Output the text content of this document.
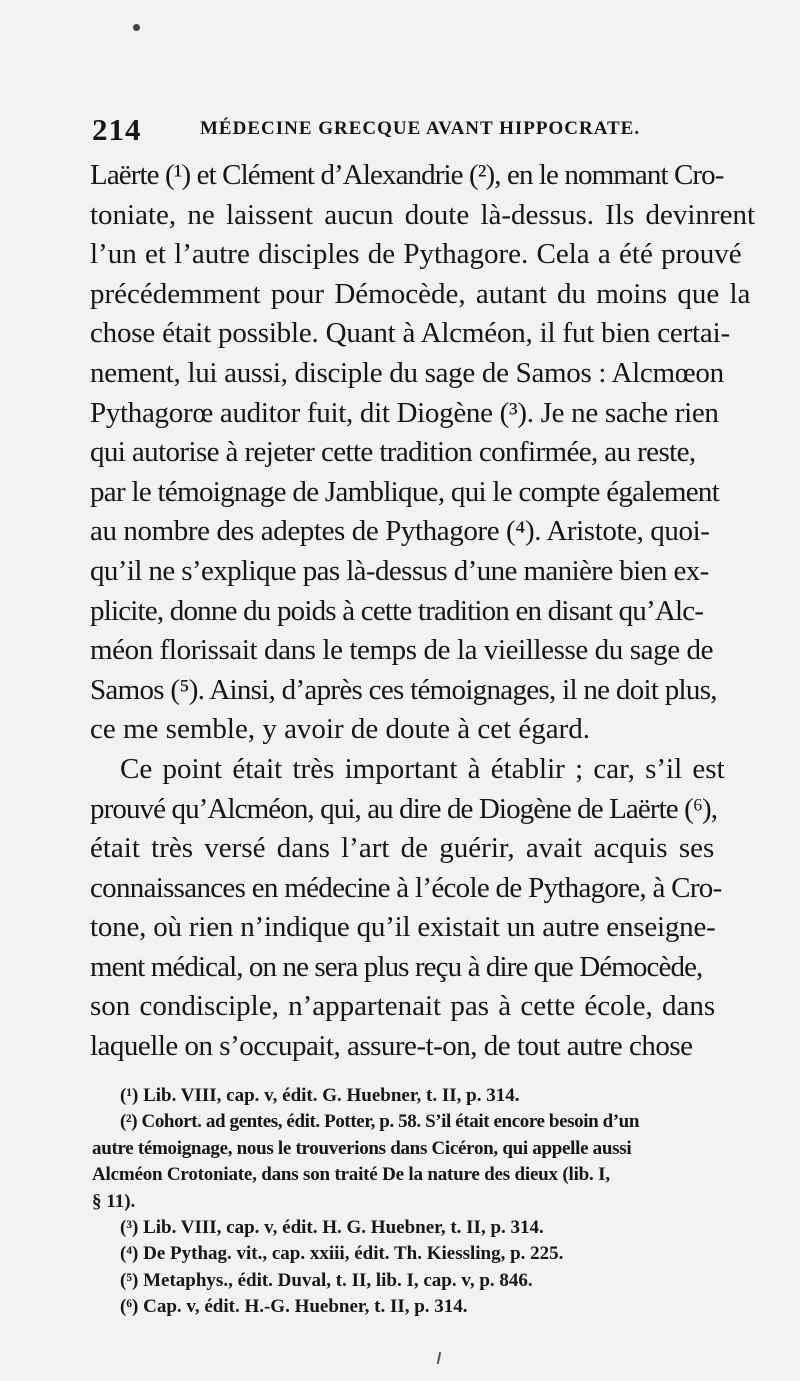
214	MÉDECINE GRECQUE AVANT HIPPOCRATE.
Laërte (¹) et Clément d’Alexandrie (²), en le nommant Cro-
toniate, ne laissent aucun doute là-dessus. Ils devinrent
l’un et l’autre disciples de Pythagore. Cela a été prouvé
précédemment pour Démocède, autant du moins que la
chose était possible. Quant à Alcméon, il fut bien certai-
nement, lui aussi, disciple du sage de Samos : Alcmœon
Pythagorœ auditor fuit, dit Diogène (³). Je ne sache rien
qui autorise à rejeter cette tradition confirmée, au reste,
par le témoignage de Jamblique, qui le compte également
au nombre des adeptes de Pythagore (⁴). Aristote, quoi-
qu’il ne s’explique pas là-dessus d’une manière bien ex-
plicite, donne du poids à cette tradition en disant qu’Alc-
méon florissait dans le temps de la vieillesse du sage de
Samos (⁵). Ainsi, d’après ces témoignages, il ne doit plus,
ce me semble, y avoir de doute à cet égard.
Ce point était très important à établir ; car, s’il est
prouvé qu’Alcméon, qui, au dire de Diogène de Laërte (⁶),
était très versé dans l’art de guérir, avait acquis ses
connaissances en médecine à l’école de Pythagore, à Cro-
tone, où rien n’indique qu’il existait un autre enseigne-
ment médical, on ne sera plus reçu à dire que Démocède,
son condisciple, n’appartenait pas à cette école, dans
laquelle on s’occupait, assure-t-on, de tout autre chose
(¹) Lib. VIII, cap. v, édit. G. Huebner, t. II, p. 314.
(²) Cohort. ad gentes, édit. Potter, p. 58. S’il était encore besoin d’un
autre témoignage, nous le trouverions dans Cicéron, qui appelle aussi
Alcméon Crotoniate, dans son traité De la nature des dieux (lib. I,
§ 11).
(³) Lib. VIII, cap. v, édit. H. G. Huebner, t. II, p. 314.
(⁴) De Pythag. vit., cap. xxiii, édit. Th. Kiessling, p. 225.
(⁵) Metaphys., édit. Duval, t. II, lib. I, cap. v, p. 846.
(⁶) Cap. v, édit. H.-G. Huebner, t. II, p. 314.
